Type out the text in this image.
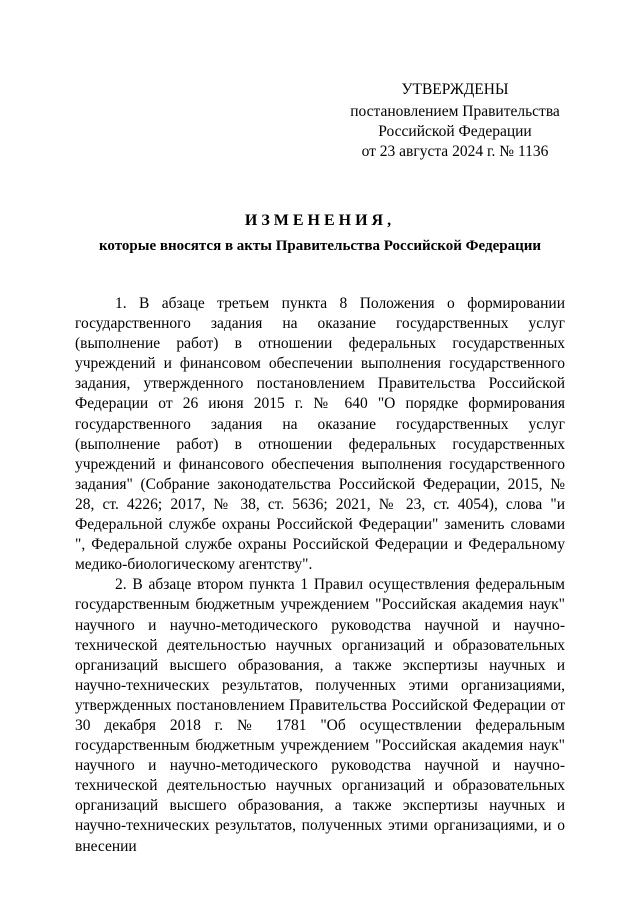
УТВЕРЖДЕНЫ
постановлением Правительства
Российской Федерации
от 23 августа 2024 г. № 1136
ИЗМЕНЕНИЯ,
которые вносятся в акты Правительства Российской Федерации

1. В абзаце третьем пункта 8 Положения о формировании государственного задания на оказание государственных услуг (выполнение работ) в отношении федеральных государственных учреждений и финансовом обеспечении выполнения государственного задания, утвержденного постановлением Правительства Российской Федерации от 26 июня 2015 г. № 640 "О порядке формирования государственного задания на оказание государственных услуг (выполнение работ) в отношении федеральных государственных учреждений и финансового обеспечения выполнения государственного задания" (Собрание законодательства Российской Федерации, 2015, № 28, ст. 4226; 2017, № 38, ст. 5636; 2021, № 23, ст. 4054), слова "и Федеральной службе охраны Российской Федерации" заменить словами ", Федеральной службе охраны Российской Федерации и Федеральному медико-биологическому агентству".

2. В абзаце втором пункта 1 Правил осуществления федеральным государственным бюджетным учреждением "Российская академия наук" научного и научно-методического руководства научной и научно-технической деятельностью научных организаций и образовательных организаций высшего образования, а также экспертизы научных и научно-технических результатов, полученных этими организациями, утвержденных постановлением Правительства Российской Федерации от 30 декабря 2018 г. № 1781 "Об осуществлении федеральным государственным бюджетным учреждением "Российская академия наук" научного и научно-методического руководства научной и научно-технической деятельностью научных организаций и образовательных организаций высшего образования, а также экспертизы научных и научно-технических результатов, полученных этими организациями, и о внесении
